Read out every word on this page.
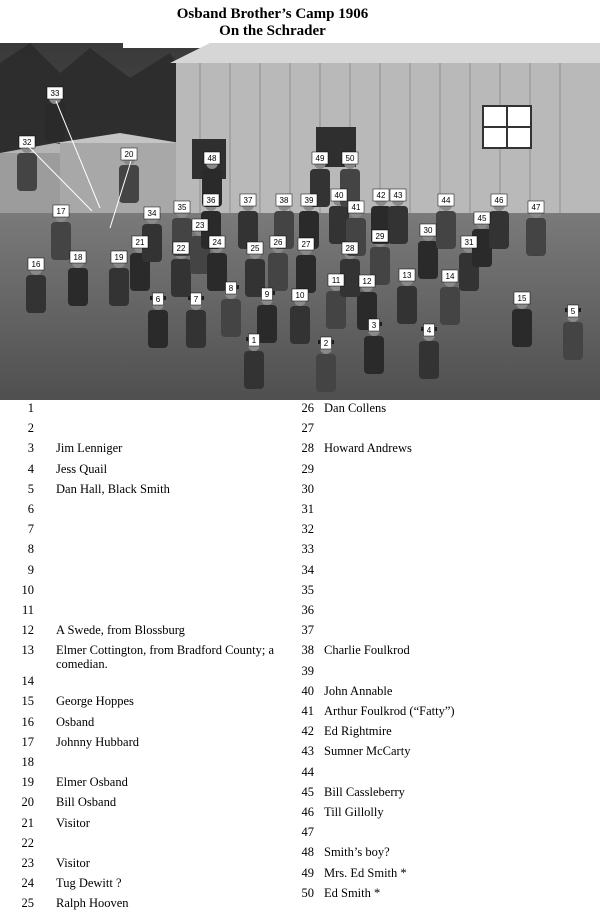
Osband Brother’s Camp 1906
On the Schrader
1	2
3
4
5
6	7
8
9	10
11	12
13	14
15
16
17
18	19
20
21
22
23
24
25
26 27	28
29
30
31
32
33
34
35
36	37	38 39
40
41
42 43
44
45
46
47
48	49	50
1
2
3 Jim Lenniger
4 Jess Quail
5 Dan Hall, Black Smith
6
7
8
9
10
11
12 A Swede, from Blossburg
13 Elmer Cottington, from Bradford County; a comedian.
14
15 George Hoppes
16 Osband
17 Johnny Hubbard
18
19 Elmer Osband
20 Bill Osband
21 Visitor
22
23 Visitor
24 Tug Dewitt ?
25 Ralph Hooven
26 Dan Collens
27
28 Howard Andrews
29
30
31
32
33
34
35
36
37
38 Charlie Foulkrod
39
40 John Annable
41 Arthur Foulkrod (“Fatty”)
42 Ed Rightmire
43 Sumner McCarty
44
45 Bill Cassleberry
46 Till Gillolly
47
48 Smith’s boy?
49 Mrs. Ed Smith *
50 Ed Smith *
